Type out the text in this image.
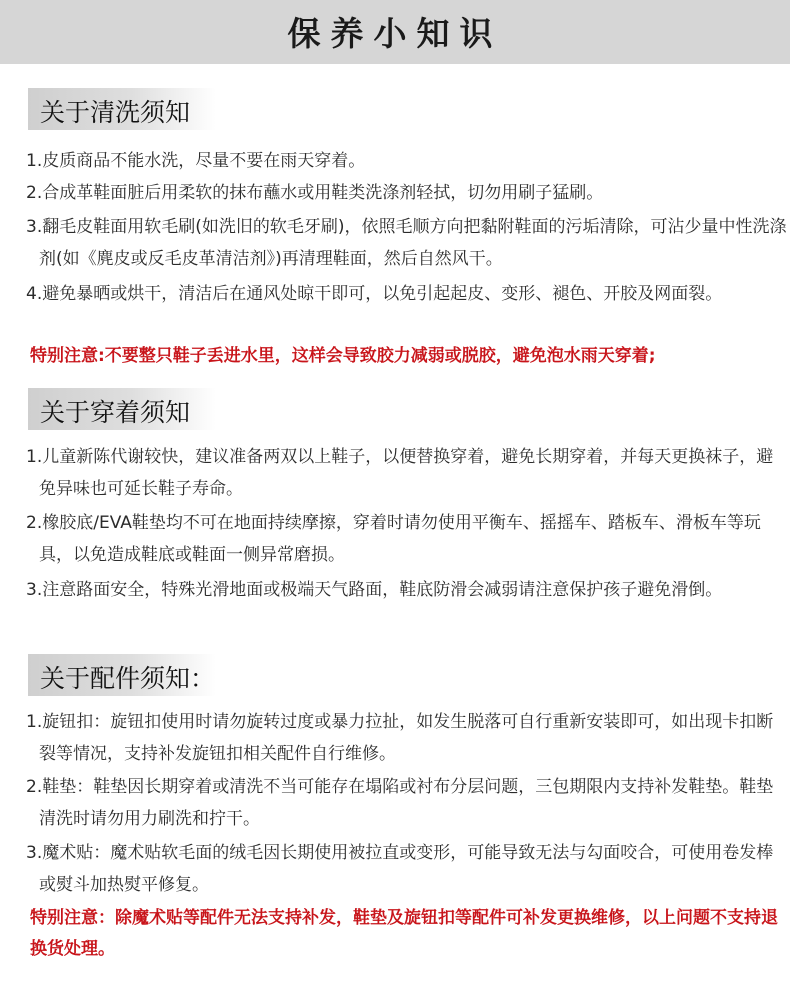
保养小知识
关于清洗须知
1.皮质商品不能水洗，尽量不要在雨天穿着。
2.合成革鞋面脏后用柔软的抹布蘸水或用鞋类洗涤剂轻拭，切勿用刷子猛刷。
3.翻毛皮鞋面用软毛刷(如洗旧的软毛牙刷)，依照毛顺方向把黏附鞋面的污垢清除，可沾少量中性洗涤剂(如《麂皮或反毛皮革清洁剂》)再清理鞋面，然后自然风干。
4.避免暴晒或烘干，清洁后在通风处晾干即可，以免引起起皮、变形、褪色、开胶及网面裂。
特别注意:不要整只鞋子丢进水里，这样会导致胶力减弱或脱胶，避免泡水雨天穿着;
关于穿着须知
1.儿童新陈代谢较快，建议准备两双以上鞋子，以便替换穿着，避免长期穿着，并每天更换袜子，避免异味也可延长鞋子寿命。
2.橡胶底/EVA鞋垫均不可在地面持续摩擦，穿着时请勿使用平衡车、摇摇车、踏板车、滑板车等玩具，以免造成鞋底或鞋面一侧异常磨损。
3.注意路面安全，特殊光滑地面或极端天气路面，鞋底防滑会减弱请注意保护孩子避免滑倒。
关于配件须知：
1.旋钮扣：旋钮扣使用时请勿旋转过度或暴力拉扯，如发生脱落可自行重新安装即可，如出现卡扣断裂等情况，支持补发旋钮扣相关配件自行维修。
2.鞋垫：鞋垫因长期穿着或清洗不当可能存在塌陷或衬布分层问题，三包期限内支持补发鞋垫。鞋垫清洗时请勿用力刷洗和拧干。
3.魔术贴：魔术贴软毛面的绒毛因长期使用被拉直或变形，可能导致无法与勾面咬合，可使用卷发棒或熨斗加热熨平修复。
特别注意：除魔术贴等配件无法支持补发，鞋垫及旋钮扣等配件可补发更换维修，以上问题不支持退换货处理。
